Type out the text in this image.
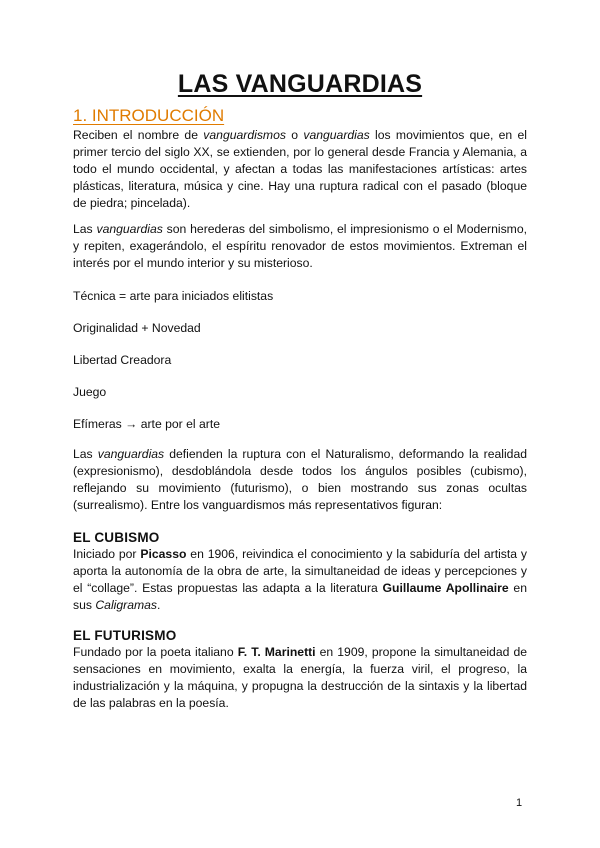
LAS VANGUARDIAS
1. INTRODUCCIÓN

Reciben el nombre de vanguardismos o vanguardias los movimientos que, en el primer tercio del siglo XX, se extienden, por lo general desde Francia y Alemania, a todo el mundo occidental, y afectan a todas las manifestaciones artísticas: artes plásticas, literatura, música y cine. Hay una ruptura radical con el pasado (bloque de piedra; pincelada).

Las vanguardias son herederas del simbolismo, el impresionismo o el Modernismo, y repiten, exagerándolo, el espíritu renovador de estos movimientos. Extreman el interés por el mundo interior y su misterioso.

Técnica = arte para iniciados elitistas

Originalidad + Novedad

Libertad Creadora

Juego

Efímeras → arte por el arte

Las vanguardias defienden la ruptura con el Naturalismo, deformando la realidad (expresionismo), desdoblándola desde todos los ángulos posibles (cubismo), reflejando su movimiento (futurismo), o bien mostrando sus zonas ocultas (surrealismo). Entre los vanguardismos más representativos figuran:

EL CUBISMO

Iniciado por Picasso en 1906, reivindica el conocimiento y la sabiduría del artista y aporta la autonomía de la obra de arte, la simultaneidad de ideas y percepciones y el “collage”. Estas propuestas las adapta a la literatura Guillaume Apollinaire en sus Caligramas.

EL FUTURISMO

Fundado por la poeta italiano F. T. Marinetti en 1909, propone la simultaneidad de sensaciones en movimiento, exalta la energía, la fuerza viril, el progreso, la industrialización y la máquina, y propugna la destrucción de la sintaxis y la libertad de las palabras en la poesía.

1
